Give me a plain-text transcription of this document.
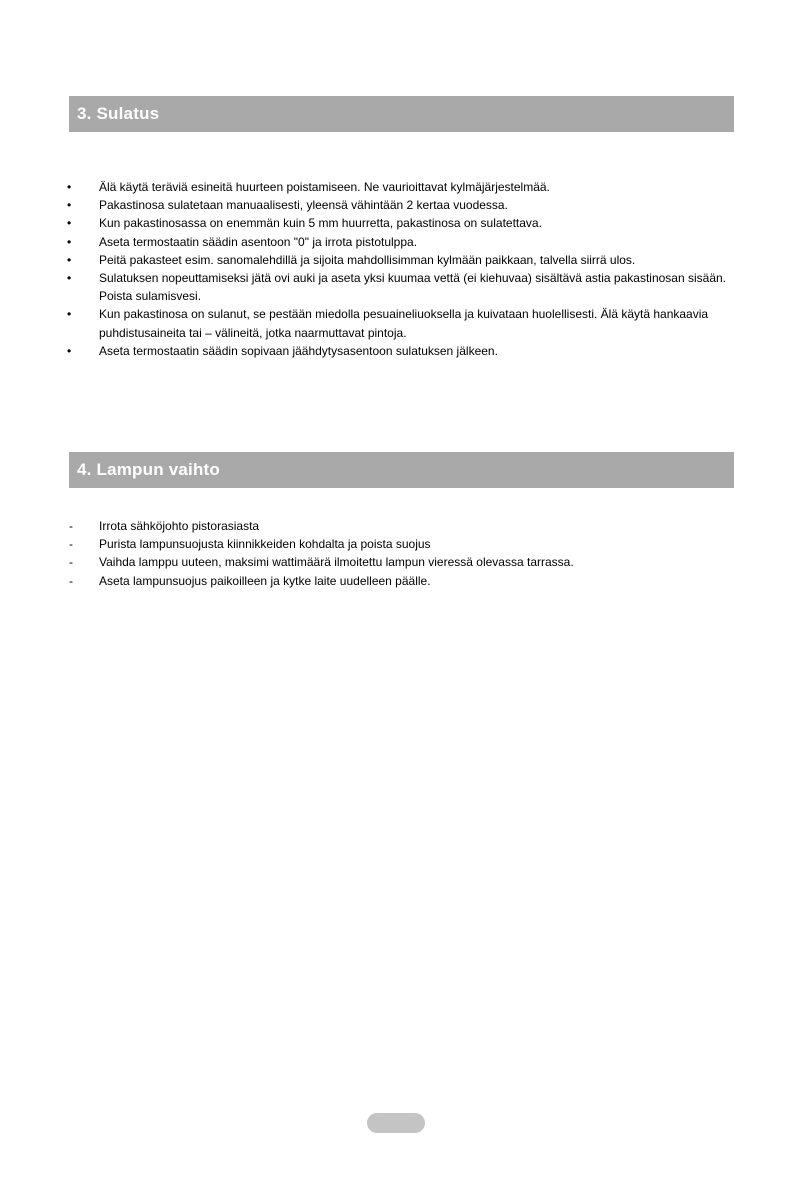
3. Sulatus
•	Älä käytä teräviä esineitä huurteen poistamiseen. Ne vaurioittavat kylmäjärjestelmää.
•	Pakastinosa sulatetaan manuaalisesti, yleensä vähintään 2 kertaa vuodessa.
•	Kun pakastinosassa on enemmän kuin 5 mm huurretta, pakastinosa on sulatettava.
•	Aseta termostaatin säädin asentoon "0" ja irrota pistotulppa.
•	Peitä pakasteet esim. sanomalehdillä ja sijoita mahdollisimman kylmään paikkaan, talvella siirrä ulos.
•	Sulatuksen nopeuttamiseksi jätä ovi auki ja aseta yksi kuumaa vettä (ei kiehuvaa) sisältävä astia pakastinosan sisään. Poista sulamisvesi.
•	Kun pakastinosa on sulanut, se pestään miedolla pesuaineliuoksella ja kuivataan huolellisesti. Älä käytä hankaavia puhdistusaineita tai – välineitä, jotka naarmuttavat pintoja.
•	Aseta termostaatin säädin sopivaan jäähdytysasentoon sulatuksen jälkeen.
4. Lampun vaihto
-	Irrota sähköjohto pistorasiasta
-	Purista lampunsuojusta kiinnikkeiden kohdalta ja poista suojus
-	Vaihda lamppu uuteen, maksimi wattimäärä ilmoitettu lampun vieressä olevassa tarrassa.
-	Aseta lampunsuojus paikoilleen ja kytke laite uudelleen päälle.
